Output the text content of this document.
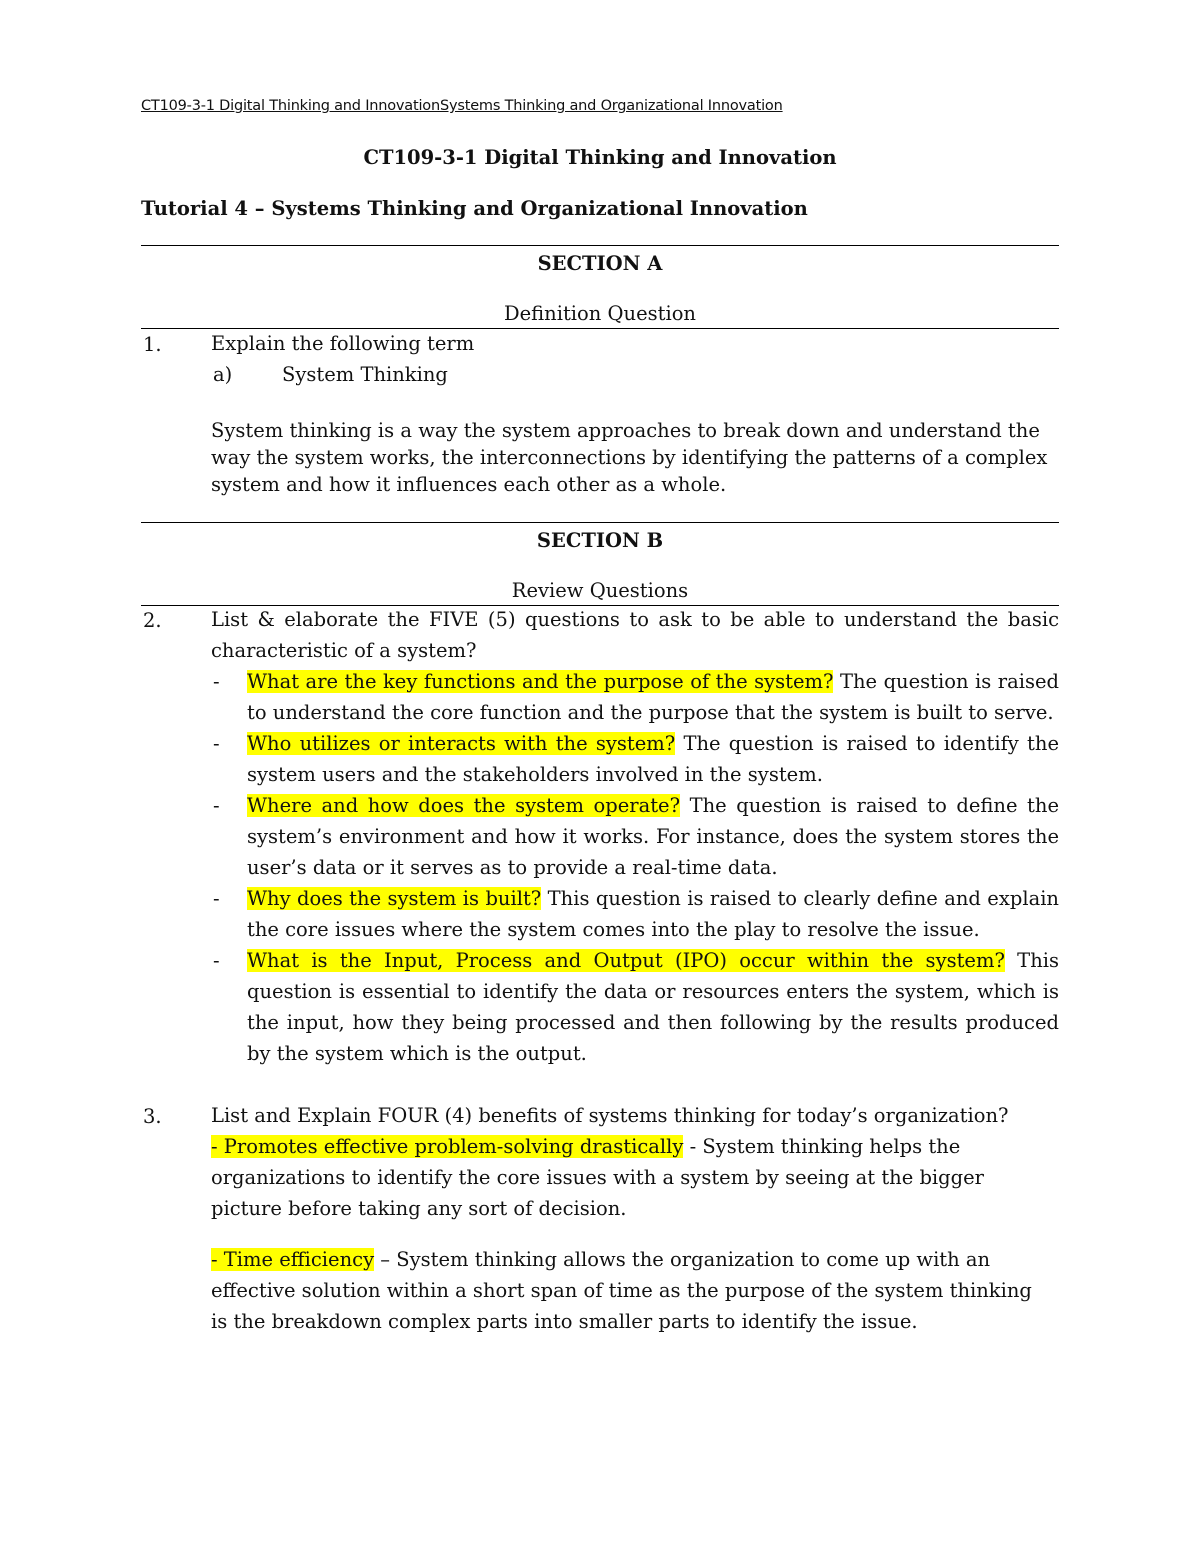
CT109-3-1 Digital Thinking and InnovationSystems Thinking and Organizational Innovation
CT109-3-1 Digital Thinking and Innovation
Tutorial 4 – Systems Thinking and Organizational Innovation
SECTION A
Definition Question
1.	Explain the following term
a)	System Thinking
System thinking is a way the system approaches to break down and understand the way the system works, the interconnections by identifying the patterns of a complex system and how it influences each other as a whole.
SECTION B
Review Questions
2.	List & elaborate the FIVE (5) questions to ask to be able to understand the basic characteristic of a system?
- What are the key functions and the purpose of the system? The question is raised to understand the core function and the purpose that the system is built to serve.
- Who utilizes or interacts with the system? The question is raised to identify the system users and the stakeholders involved in the system.
- Where and how does the system operate? The question is raised to define the system’s environment and how it works. For instance, does the system stores the user’s data or it serves as to provide a real-time data.
- Why does the system is built? This question is raised to clearly define and explain the core issues where the system comes into the play to resolve the issue.
- What is the Input, Process and Output (IPO) occur within the system? This question is essential to identify the data or resources enters the system, which is the input, how they being processed and then following by the results produced by the system which is the output.
3.	List and Explain FOUR (4) benefits of systems thinking for today’s organization?
- Promotes effective problem-solving drastically - System thinking helps the organizations to identify the core issues with a system by seeing at the bigger picture before taking any sort of decision.
- Time efficiency – System thinking allows the organization to come up with an effective solution within a short span of time as the purpose of the system thinking is the breakdown complex parts into smaller parts to identify the issue.
